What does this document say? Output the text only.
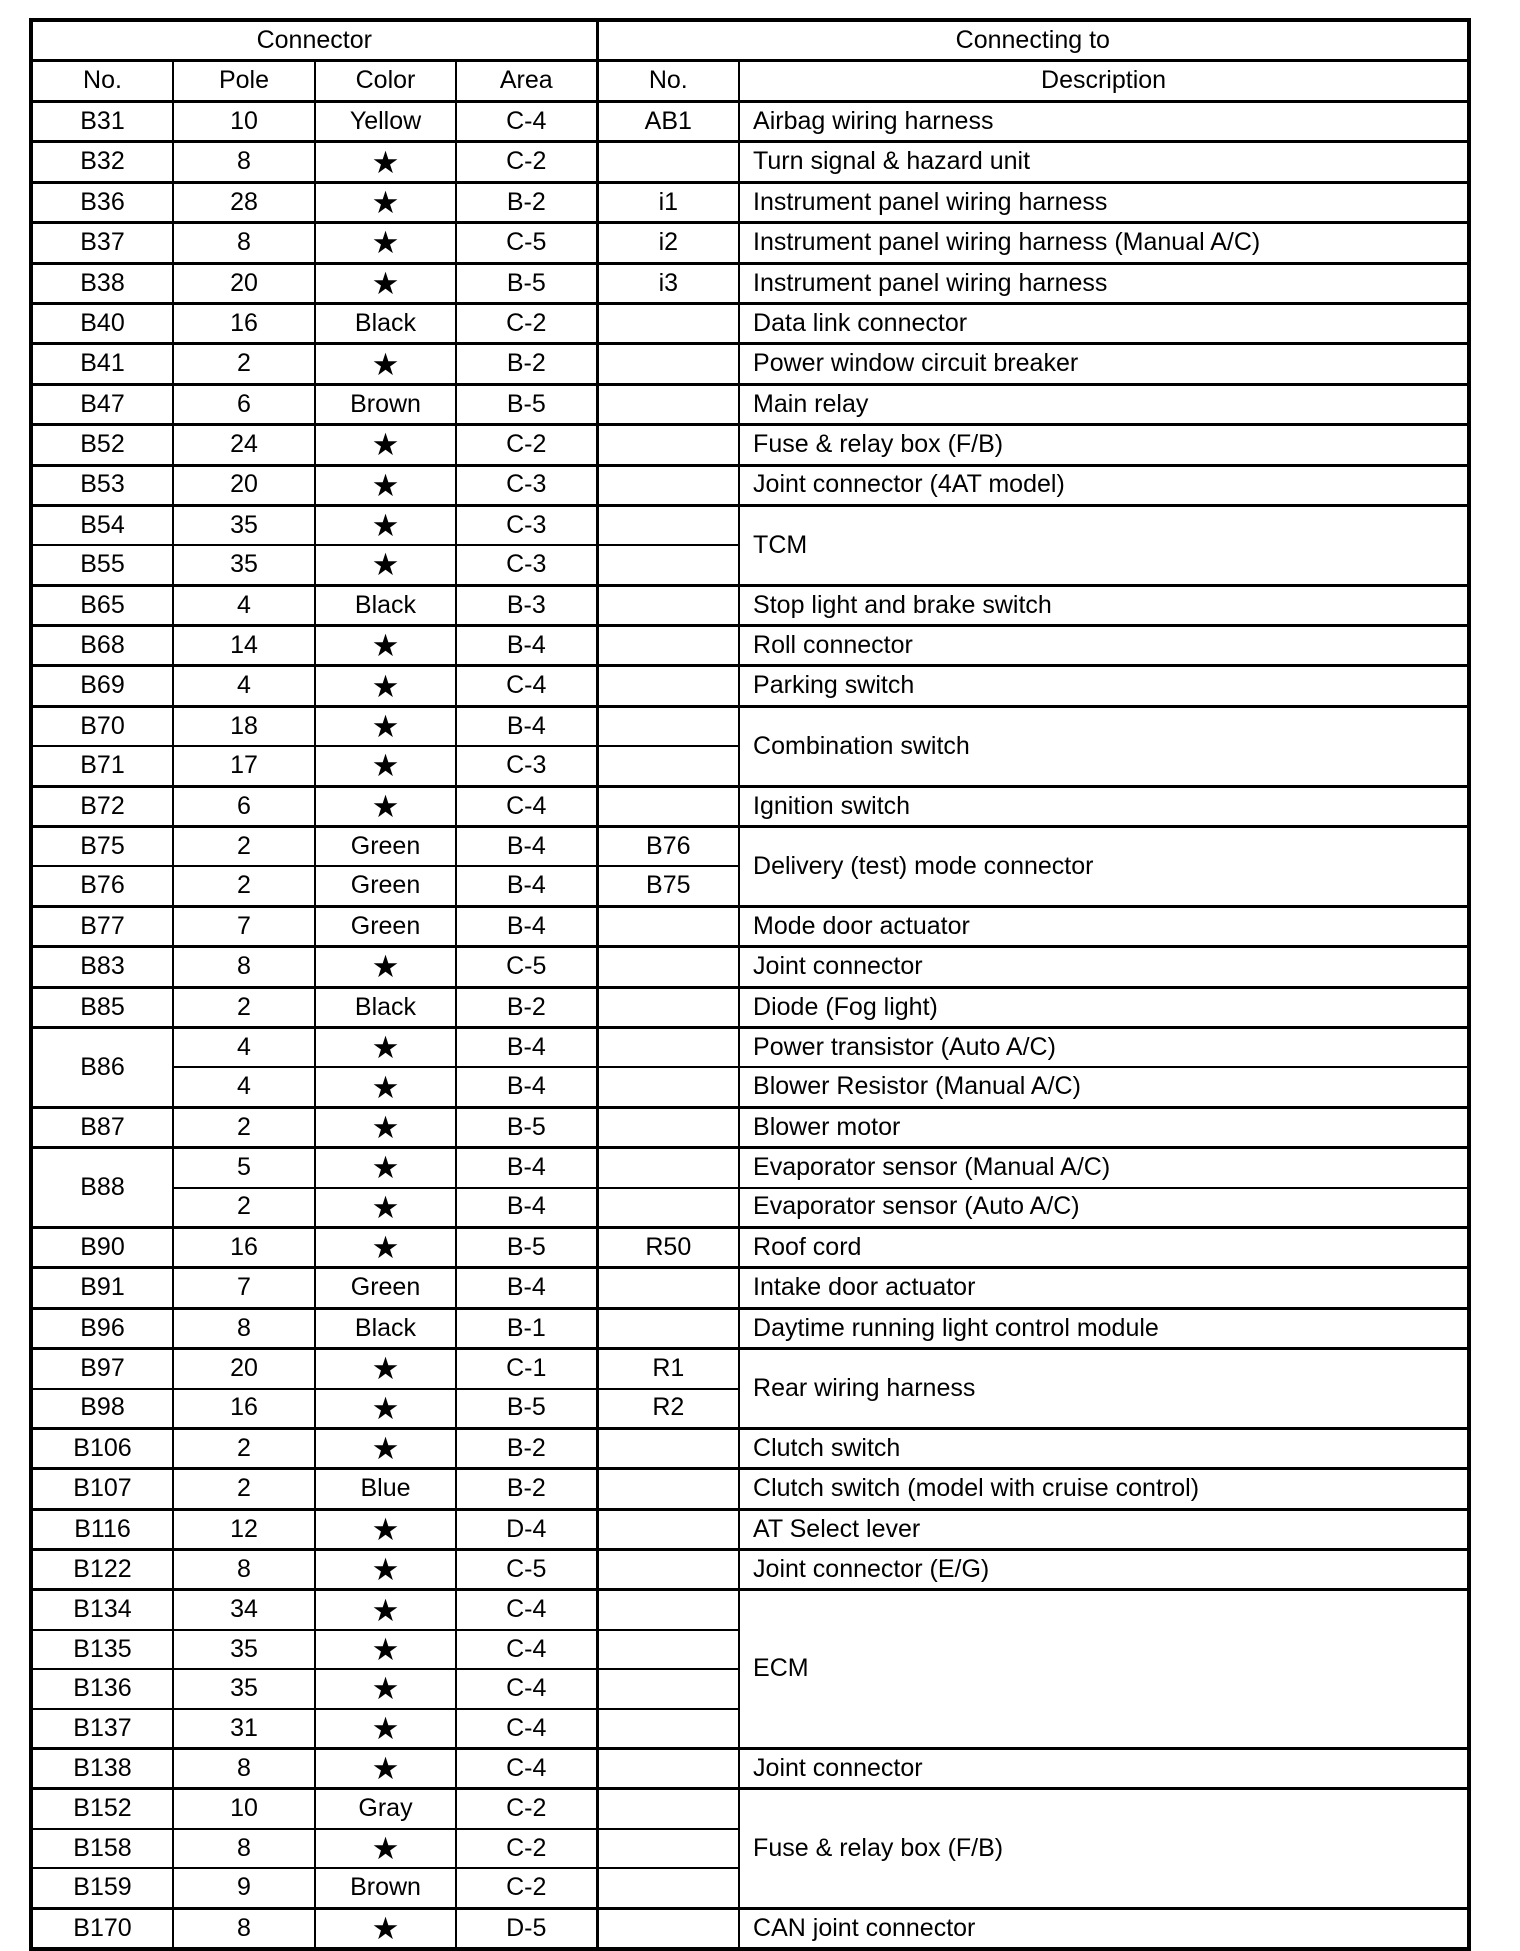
Connector				Connecting to	
No.	Pole	Color	Area	No.	Description
B31	10	Yellow	C-4	AB1	Airbag wiring harness
B32	8	★	C-2		Turn signal & hazard unit
B36	28	★	B-2	i1	Instrument panel wiring harness
B37	8	★	C-5	i2	Instrument panel wiring harness (Manual A/C)
B38	20	★	B-5	i3	Instrument panel wiring harness
B40	16	Black	C-2		Data link connector
B41	2	★	B-2		Power window circuit breaker
B47	6	Brown	B-5		Main relay
B52	24	★	C-2		Fuse & relay box (F/B)
B53	20	★	C-3		Joint connector (4AT model)
B54	35	★	C-3		TCM
B55	35	★	C-3		
B65	4	Black	B-3		Stop light and brake switch
B68	14	★	B-4		Roll connector
B69	4	★	C-4		Parking switch
B70	18	★	B-4		Combination switch
B71	17	★	C-3		
B72	6	★	C-4		Ignition switch
B75	2	Green	B-4	B76	Delivery (test) mode connector
B76	2	Green	B-4	B75	
B77	7	Green	B-4		Mode door actuator
B83	8	★	C-5		Joint connector
B85	2	Black	B-2		Diode (Fog light)
B86	4	★	B-4		Power transistor (Auto A/C)
	4	★	B-4		Blower Resistor (Manual A/C)
B87	2	★	B-5		Blower motor
B88	5	★	B-4		Evaporator sensor (Manual A/C)
	2	★	B-4		Evaporator sensor (Auto A/C)
B90	16	★	B-5	R50	Roof cord
B91	7	Green	B-4		Intake door actuator
B96	8	Black	B-1		Daytime running light control module
B97	20	★	C-1	R1	Rear wiring harness
B98	16	★	B-5	R2	
B106	2	★	B-2		Clutch switch
B107	2	Blue	B-2		Clutch switch (model with cruise control)
B116	12	★	D-4		AT Select lever
B122	8	★	C-5		Joint connector (E/G)
B134	34	★	C-4		ECM
B135	35	★	C-4		
B136	35	★	C-4		
B137	31	★	C-4		
B138	8	★	C-4		Joint connector
B152	10	Gray	C-2		Fuse & relay box (F/B)
B158	8	★	C-2		
B159	9	Brown	C-2		
B170	8	★	D-5		CAN joint connector
